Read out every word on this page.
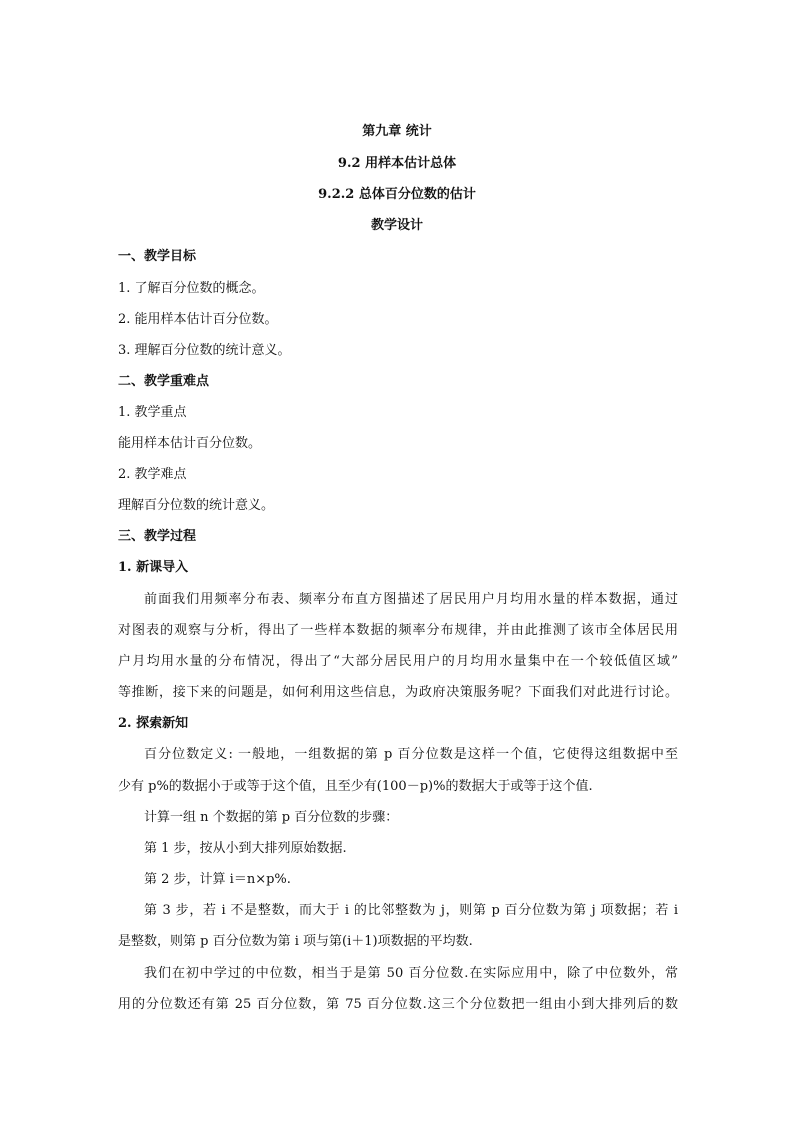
第九章 统计
9.2 用样本估计总体
9.2.2 总体百分位数的估计
教学设计
一、教学目标
1. 了解百分位数的概念。
2. 能用样本估计百分位数。
3. 理解百分位数的统计意义。
二、教学重难点
1. 教学重点
能用样本估计百分位数。
2. 教学难点
理解百分位数的统计意义。
三、教学过程
1. 新课导入
前面我们用频率分布表、频率分布直方图描述了居民用户月均用水量的样本数据，通过
对图表的观察与分析，得出了一些样本数据的频率分布规律，并由此推测了该市全体居民用
户月均用水量的分布情况，得出了“大部分居民用户的月均用水量集中在一个较低值区域”
等推断，接下来的问题是，如何利用这些信息，为政府决策服务呢？下面我们对此进行讨论。
2. 探索新知
百分位数定义: 一般地，一组数据的第 p 百分位数是这样一个值，它使得这组数据中至
少有 p%的数据小于或等于这个值，且至少有(100－p)%的数据大于或等于这个值.
计算一组 n 个数据的第 p 百分位数的步骤：
第 1 步，按从小到大排列原始数据.
第 2 步，计算 i＝n×p%.
第 3 步，若 i 不是整数，而大于 i 的比邻整数为 j，则第 p 百分位数为第 j 项数据；若 i
是整数，则第 p 百分位数为第 i 项与第(i＋1)项数据的平均数.
我们在初中学过的中位数，相当于是第 50 百分位数.在实际应用中，除了中位数外，常
用的分位数还有第 25 百分位数，第 75 百分位数.这三个分位数把一组由小到大排列后的数
